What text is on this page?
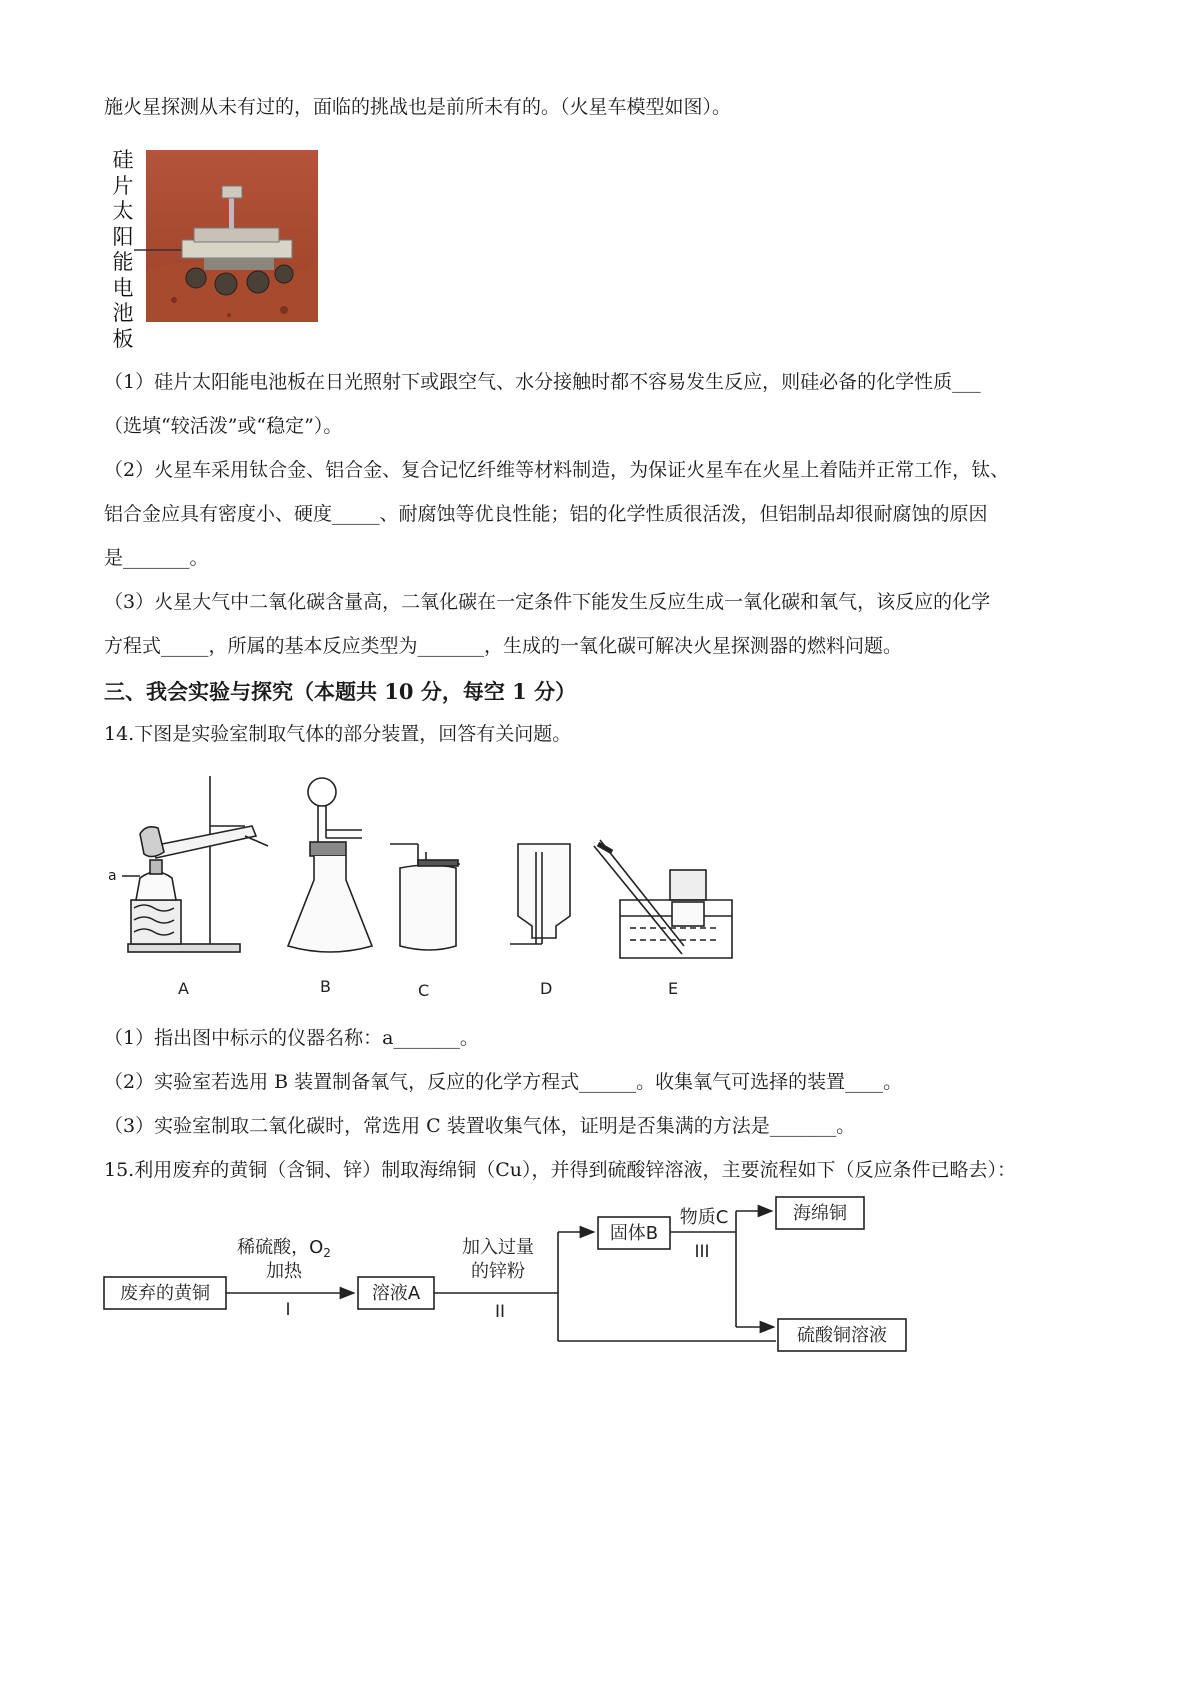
施火星探测从未有过的，面临的挑战也是前所未有的。（火星车模型如图）。
硅片太阳能电池板
（1）硅片太阳能电池板在日光照射下或跟空气、水分接触时都不容易发生反应，则硅必备的化学性质___
（选填“较活泼”或“稳定”）。
（2）火星车采用钛合金、铝合金、复合记忆纤维等材料制造，为保证火星车在火星上着陆并正常工作，钛、
铝合金应具有密度小、硬度_____、耐腐蚀等优良性能；铝的化学性质很活泼，但铝制品却很耐腐蚀的原因
是_______。
（3）火星大气中二氧化碳含量高，二氧化碳在一定条件下能发生反应生成一氧化碳和氧气，该反应的化学
方程式_____，所属的基本反应类型为_______，生成的一氧化碳可解决火星探测器的燃料问题。
三、我会实验与探究（本题共 10 分，每空 1 分）
14.下图是实验室制取气体的部分装置，回答有关问题。
a
A	B	C	D	E
（1）指出图中标示的仪器名称：a_______。
（2）实验室若选用 B 装置制备氧气，反应的化学方程式______。收集氧气可选择的装置____。
（3）实验室制取二氧化碳时，常选用 C 装置收集气体，证明是否集满的方法是_______。
15.利用废弃的黄铜（含铜、锌）制取海绵铜（Cu），并得到硫酸锌溶液，主要流程如下（反应条件已略去）：
废弃的黄铜
稀硫酸，$O_2$
加热
I
溶液A
加入过量
的锌粉
II
固体B
物质C
III
海绵铜
硫酸铜溶液
